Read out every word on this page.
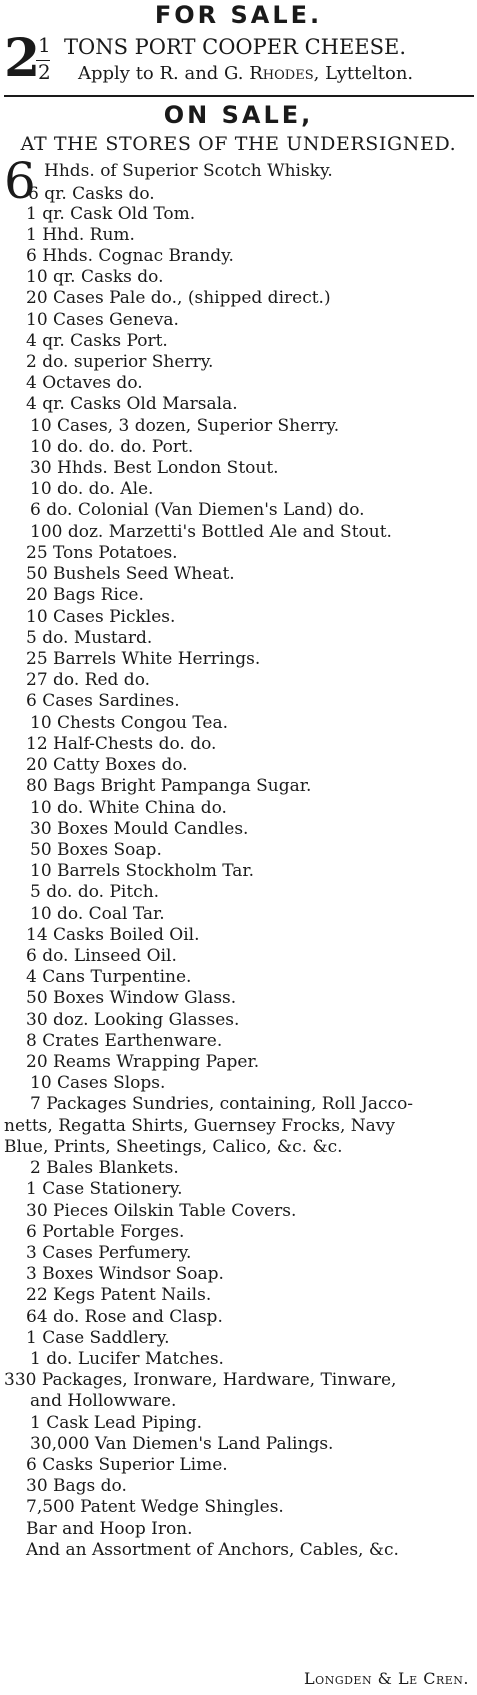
FOR SALE.
2
1
2
TONS PORT COOPER CHEESE.
Apply to R. and G. Rhodes, Lyttelton.
ON SALE,
AT THE STORES OF THE UNDERSIGNED.
6 Hhds. of Superior Scotch Whisky.
6 qr. Casks do.
1 qr. Cask Old Tom.
1 Hhd. Rum.
6 Hhds. Cognac Brandy.
10 qr. Casks do.
20 Cases Pale do., (shipped direct.)
10 Cases Geneva.
4 qr. Casks Port.
2 do. superior Sherry.
4 Octaves do.
4 qr. Casks Old Marsala.
10 Cases, 3 dozen, Superior Sherry.
10 do. do. do. Port.
30 Hhds. Best London Stout.
10 do. do. Ale.
6 do. Colonial (Van Diemen's Land) do.
100 doz. Marzetti's Bottled Ale and Stout.
25 Tons Potatoes.
50 Bushels Seed Wheat.
20 Bags Rice.
10 Cases Pickles.
5 do. Mustard.
25 Barrels White Herrings.
27 do. Red do.
6 Cases Sardines.
10 Chests Congou Tea.
12 Half-Chests do. do.
20 Catty Boxes do.
80 Bags Bright Pampanga Sugar.
10 do. White China do.
30 Boxes Mould Candles.
50 Boxes Soap.
10 Barrels Stockholm Tar.
5 do. do. Pitch.
10 do. Coal Tar.
14 Casks Boiled Oil.
6 do. Linseed Oil.
4 Cans Turpentine.
50 Boxes Window Glass.
30 doz. Looking Glasses.
8 Crates Earthenware.
20 Reams Wrapping Paper.
10 Cases Slops.
7 Packages Sundries, containing, Roll Jacco-
netts, Regatta Shirts, Guernsey Frocks, Navy
Blue, Prints, Sheetings, Calico, &c. &c.
2 Bales Blankets.
1 Case Stationery.
30 Pieces Oilskin Table Covers.
6 Portable Forges.
3 Cases Perfumery.
3 Boxes Windsor Soap.
22 Kegs Patent Nails.
64 do. Rose and Clasp.
1 Case Saddlery.
1 do. Lucifer Matches.
330 Packages, Ironware, Hardware, Tinware,
and Hollowware.
1 Cask Lead Piping.
30,000 Van Diemen's Land Palings.
6 Casks Superior Lime.
30 Bags do.
7,500 Patent Wedge Shingles.
Bar and Hoop Iron.
And an Assortment of Anchors, Cables, &c.
Longden & Le Cren.
